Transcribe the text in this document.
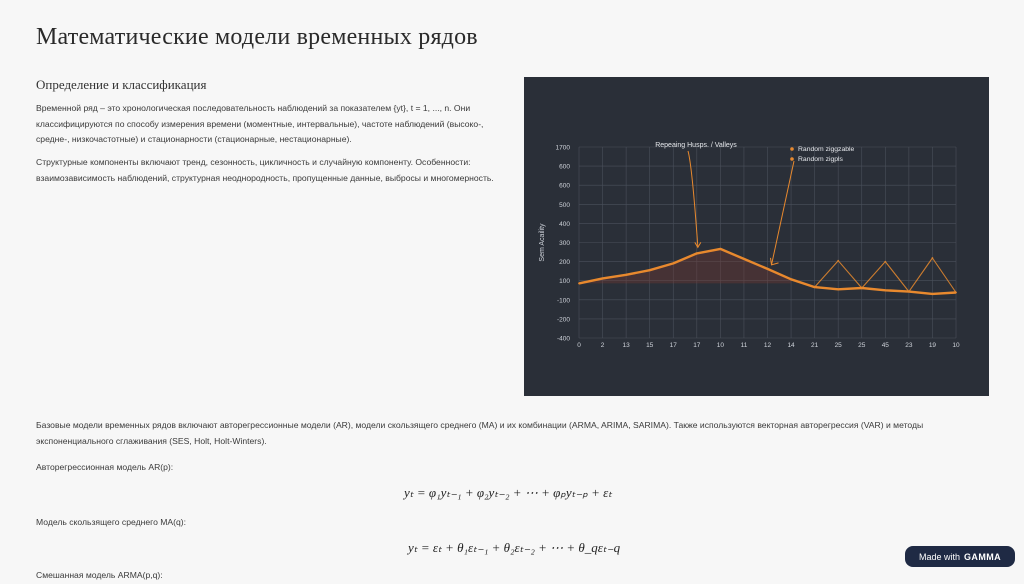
Математические модели временных рядов
Определение и классификация
Временной ряд – это хронологическая последовательность наблюдений за показателем {yt}, t = 1, ..., n. Они классифицируются по способу измерения времени (моментные, интервальные), частоте наблюдений (высоко-, средне-, низкочастотные) и стационарности (стационарные, нестационарные).
Структурные компоненты включают тренд, сезонность, цикличность и случайную компоненту. Особенности: взаимозависимость наблюдений, структурная неоднородность, пропущенные данные, выбросы и многомерность.
1700
600
600
500
400
300
200
100
-100
-200
-400
0	2	13	15	17	17	10	11	12	14	21	25	25	45	23	19	10
Sem Acaility
Repeaing Husps. / Valleys
Random ziggzable
Random zigpls
Базовые модели временных рядов включают авторегрессионные модели (AR), модели скользящего среднего (MA) и их комбинации (ARMA, ARIMA, SARIMA). Также используются векторная авторегрессия (VAR) и методы экспоненциального сглаживания (SES, Holt, Holt-Winters).
Авторегрессионная модель AR(p):
yₜ = φ₁yₜ₋₁ + φ₂yₜ₋₂ + ⋯ + φₚyₜ₋ₚ + εₜ
Модель скользящего среднего MA(q):
yₜ = εₜ + θ₁εₜ₋₁ + θ₂εₜ₋₂ + ⋯ + θ_qεₜ₋q
Смешанная модель ARMA(p,q):
Made with GAMMA
